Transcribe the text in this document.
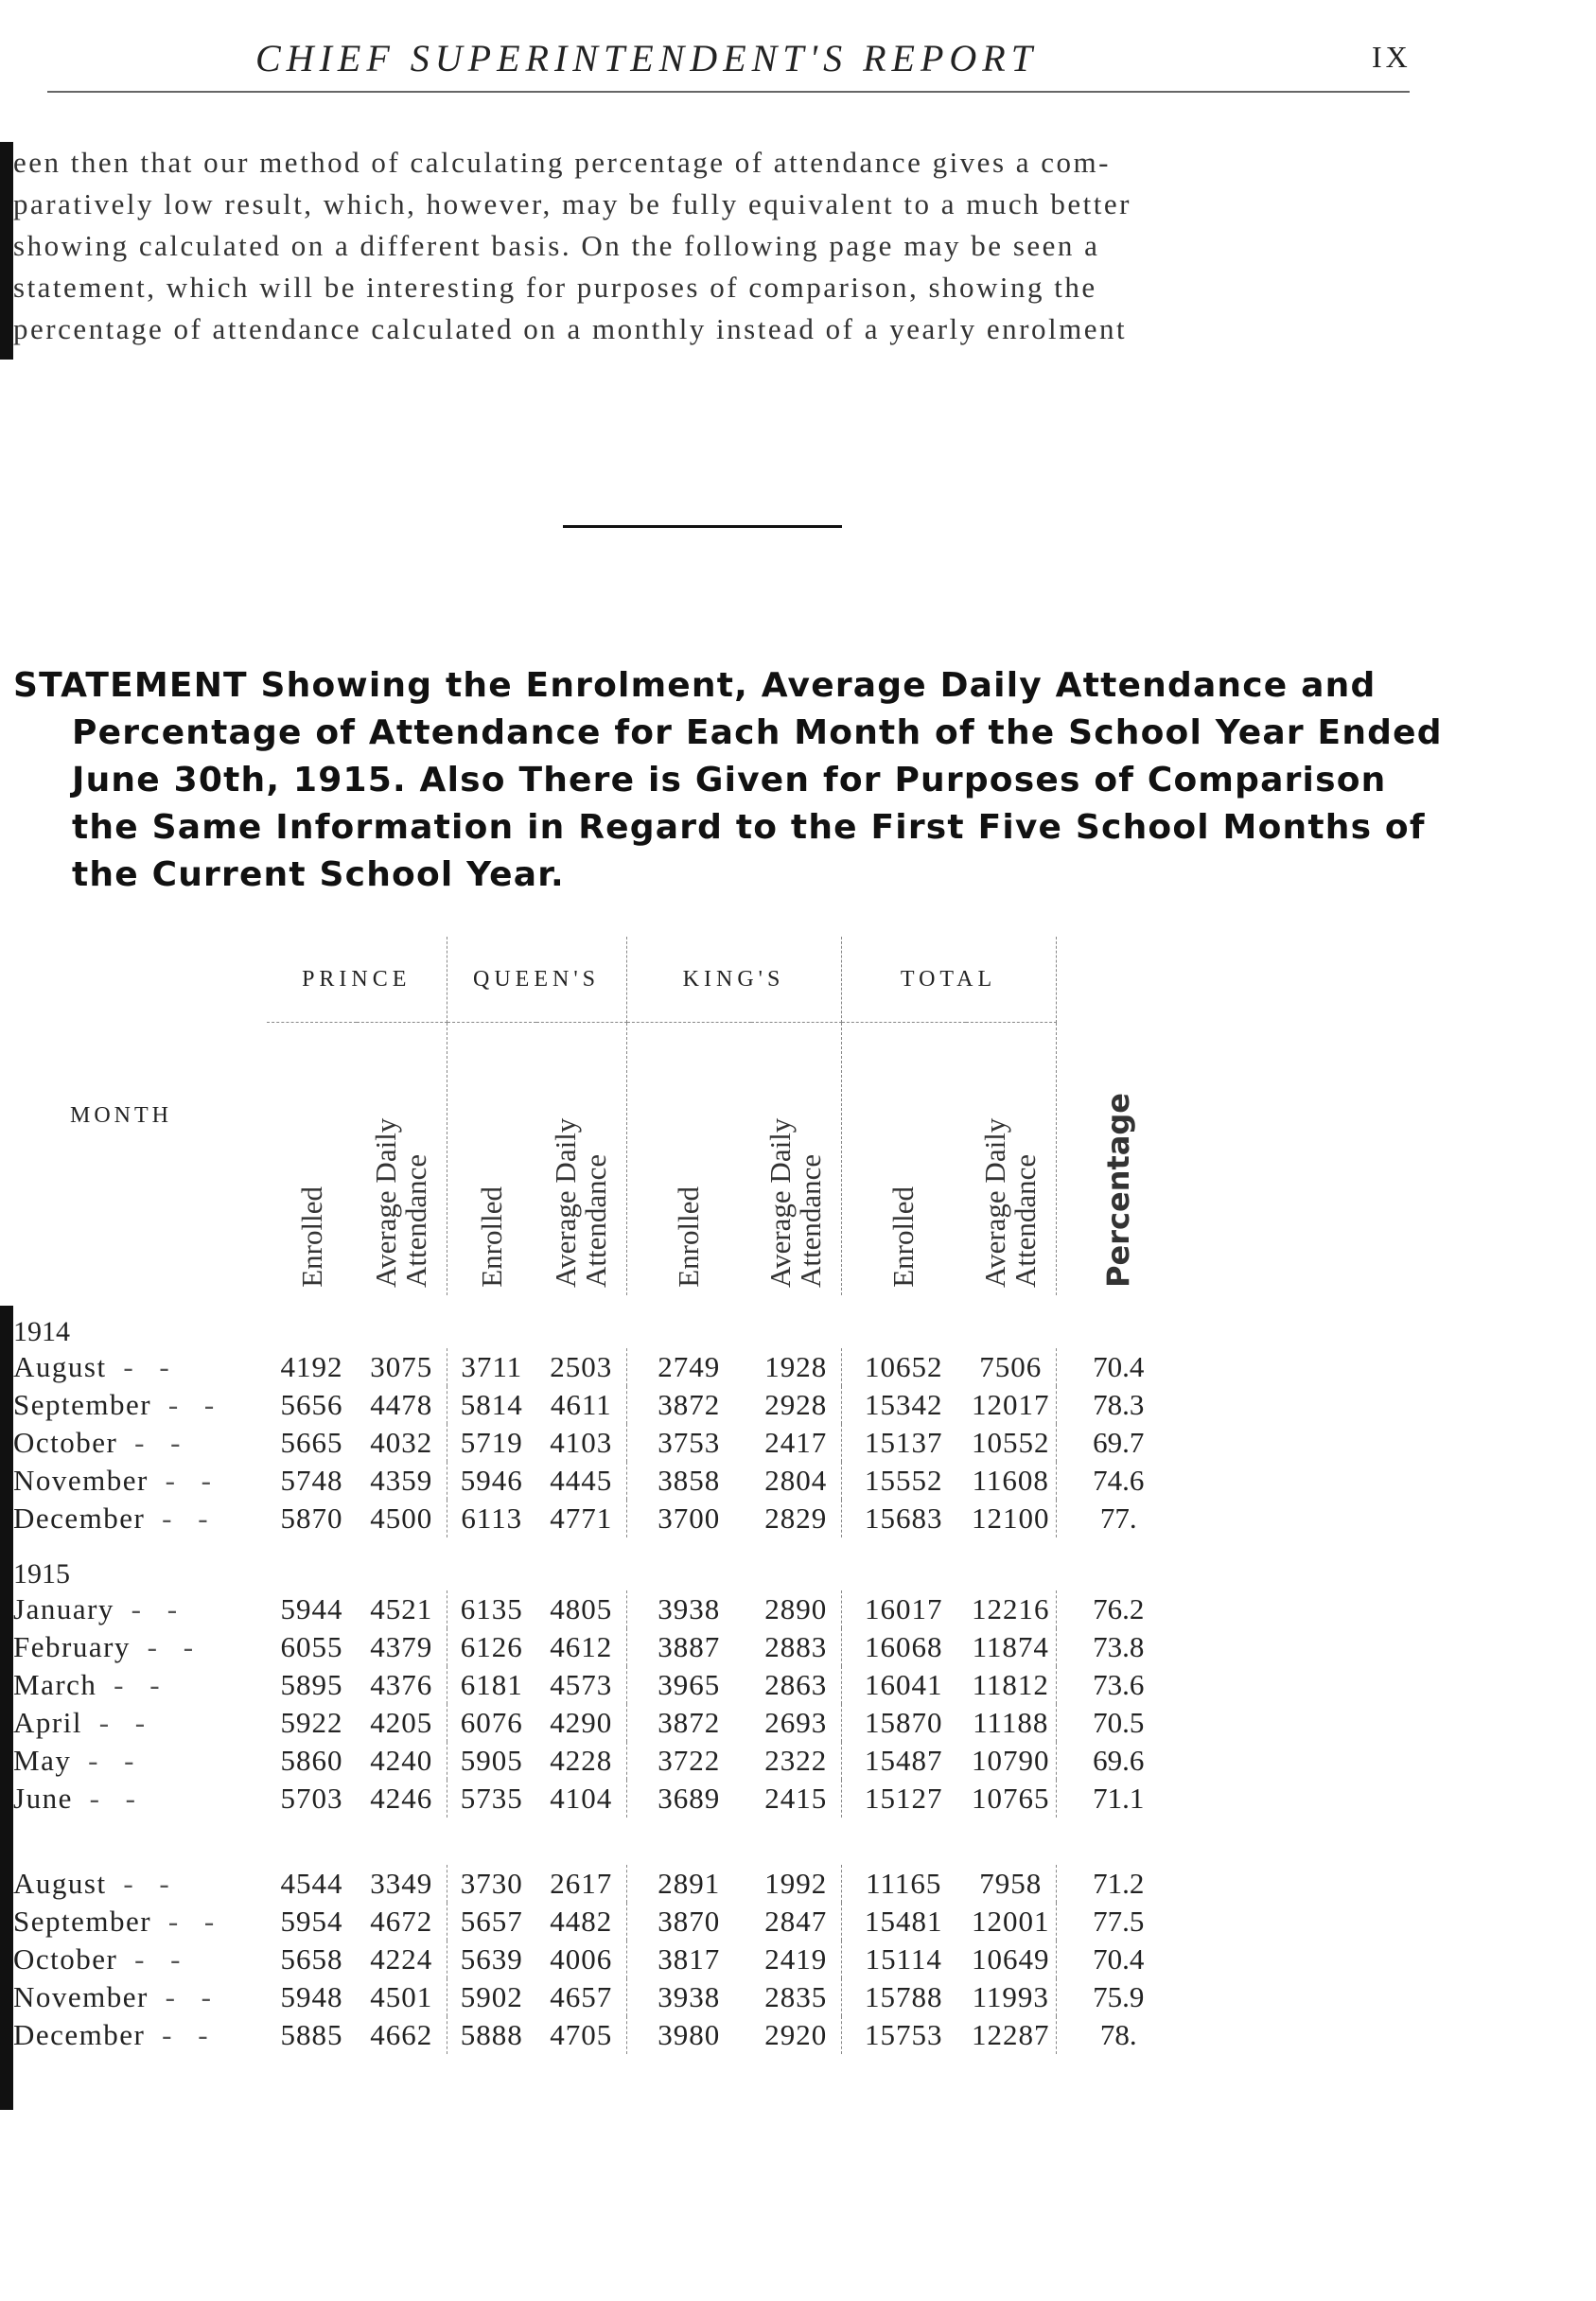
CHIEF SUPERINTENDENT'S REPORT	IX

een then that our method of calculating percentage of attendance gives a com-

paratively low result, which, however, may be fully equivalent to a much better

showing calculated on a different basis. On the following page may be seen a

statement, which will be interesting for purposes of comparison, showing the

percentage of attendance calculated on a monthly instead of a yearly enrolment

STATEMENT Showing the Enrolment, Average Daily Attendance and

Percentage of Attendance for Each Month of the School Year Ended

June 30th, 1915. Also There is Given for Purposes of Comparison

the Same Information in Regard to the First Five School Months of

the Current School Year.

MONTH	PRINCE		QUEEN'S		KING'S		TOTAL		Percentage	
	Enrolled	Average Daily Attendance	Enrolled	Average Daily Attendance	Enrolled	Average Daily Attendance	Enrolled	Average Daily Attendance		
1914										
August - -	4192	3075	3711	2503	2749	1928	10652	7506	70.4	
September - -	5656	4478	5814	4611	3872	2928	15342	12017	78.3	
October - -	5665	4032	5719	4103	3753	2417	15137	10552	69.7	
November - -	5748	4359	5946	4445	3858	2804	15552	11608	74.6	
December - -	5870	4500	6113	4771	3700	2829	15683	12100	77.	
1915										
January - -	5944	4521	6135	4805	3938	2890	16017	12216	76.2	
February - -	6055	4379	6126	4612	3887	2883	16068	11874	73.8	
March - -	5895	4376	6181	4573	3965	2863	16041	11812	73.6	
April - -	5922	4205	6076	4290	3872	2693	15870	11188	70.5	
May - -	5860	4240	5905	4228	3722	2322	15487	10790	69.6	
June - -	5703	4246	5735	4104	3689	2415	15127	10765	71.1	

August - -	4544	3349	3730	2617	2891	1992	11165	7958	71.2	
September - -	5954	4672	5657	4482	3870	2847	15481	12001	77.5	
October - -	5658	4224	5639	4006	3817	2419	15114	10649	70.4	
November - -	5948	4501	5902	4657	3938	2835	15788	11993	75.9	
December - -	5885	4662	5888	4705	3980	2920	15753	12287	78.	
